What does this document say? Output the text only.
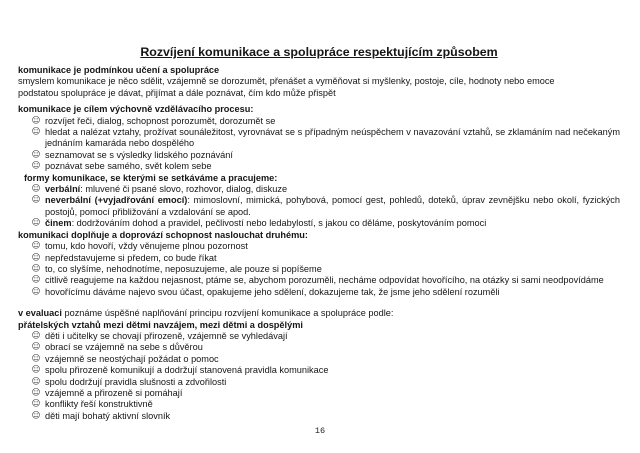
Rozvíjení komunikace a spolupráce respektujícím způsobem
komunikace je podmínkou učení a spolupráce

smyslem komunikace je něco sdělit, vzájemně se dorozumět, přenášet a vyměňovat si myšlenky, postoje, cíle, hodnoty nebo emoce

podstatou spolupráce je dávat, přijímat a dále poznávat, čím kdo může přispět

komunikace je cílem výchovně vzdělávacího procesu:
☺ rozvíjet řeči, dialog, schopnost porozumět, dorozumět se
☺ hledat a nalézat vztahy, prožívat sounáležitost, vyrovnávat se s případným neúspěchem v navazování vztahů, se zklamáním nad nečekaným jednáním kamaráda nebo dospělého
☺ seznamovat se s výsledky lidského poznávání
☺ poznávat sebe samého, svět kolem sebe
formy komunikace, se kterými se setkáváme a pracujeme:
☺ verbální: mluvené či psané slovo, rozhovor, dialog, diskuze
☺ neverbální (+vyjadřování emocí): mimoslovní, mimická, pohybová, pomocí gest, pohledů, doteků, úprav zevnějšku nebo okolí, fyzických postojů, pomocí přibližování a vzdalování se apod.
☺ činem: dodržováním dohod a pravidel, pečlivostí nebo ledabylostí, s jakou co děláme, poskytováním pomoci
komunikaci doplňuje a doprovází schopnost naslouchat druhému:
☺ tomu, kdo hovoří, vždy věnujeme plnou pozornost
☺ nepředstavujeme si předem, co bude říkat
☺ to, co slyšíme, nehodnotíme, neposuzujeme, ale pouze si popíšeme
☺ citlivě reagujeme na každou nejasnost, ptáme se, abychom porozuměli, necháme odpovídat hovořícího, na otázky si sami neodpovídáme
☺ hovořícímu dáváme najevo svou účast, opakujeme jeho sdělení, dokazujeme tak, že jsme jeho sdělení rozuměli

v evaluaci poznáme úspěšné naplňování principu rozvíjení komunikace a spolupráce podle:

přátelských vztahů mezi dětmi navzájem, mezi dětmi a dospělými
☺ děti i učitelky se chovají přirozeně, vzájemně se vyhledávají
☺ obrací se vzájemně na sebe s důvěrou
☺ vzájemně se neostýchají požádat o pomoc
☺ spolu přirozeně komunikují a dodržují stanovená pravidla komunikace
☺ spolu dodržují pravidla slušnosti a zdvořilosti
☺ vzájemně a přirozeně si pomáhají
☺ konflikty řeší konstruktivně
☺ děti mají bohatý aktivní slovník
16
